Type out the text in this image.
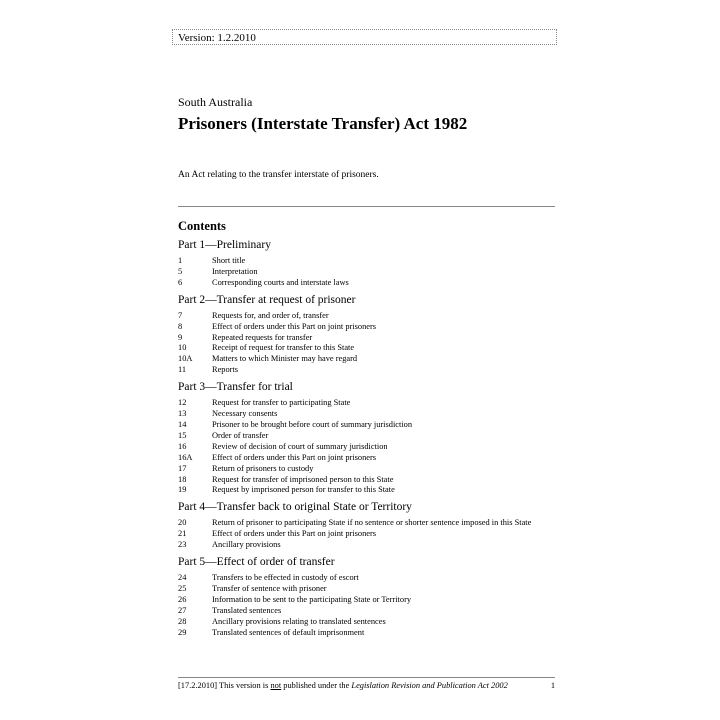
Version: 1.2.2010
South Australia
Prisoners (Interstate Transfer) Act 1982
An Act relating to the transfer interstate of prisoners.
Contents
Part 1—Preliminary
1	Short title
5	Interpretation
6	Corresponding courts and interstate laws
Part 2—Transfer at request of prisoner
7	Requests for, and order of, transfer
8	Effect of orders under this Part on joint prisoners
9	Repeated requests for transfer
10	Receipt of request for transfer to this State
10A	Matters to which Minister may have regard
11	Reports
Part 3—Transfer for trial
12	Request for transfer to participating State
13	Necessary consents
14	Prisoner to be brought before court of summary jurisdiction
15	Order of transfer
16	Review of decision of court of summary jurisdiction
16A	Effect of orders under this Part on joint prisoners
17	Return of prisoners to custody
18	Request for transfer of imprisoned person to this State
19	Request by imprisoned person for transfer to this State
Part 4—Transfer back to original State or Territory
20	Return of prisoner to participating State if no sentence or shorter sentence imposed in this State
21	Effect of orders under this Part on joint prisoners
23	Ancillary provisions
Part 5—Effect of order of transfer
24	Transfers to be effected in custody of escort
25	Transfer of sentence with prisoner
26	Information to be sent to the participating State or Territory
27	Translated sentences
28	Ancillary provisions relating to translated sentences
29	Translated sentences of default imprisonment
[17.2.2010] This version is not published under the Legislation Revision and Publication Act 2002	1
